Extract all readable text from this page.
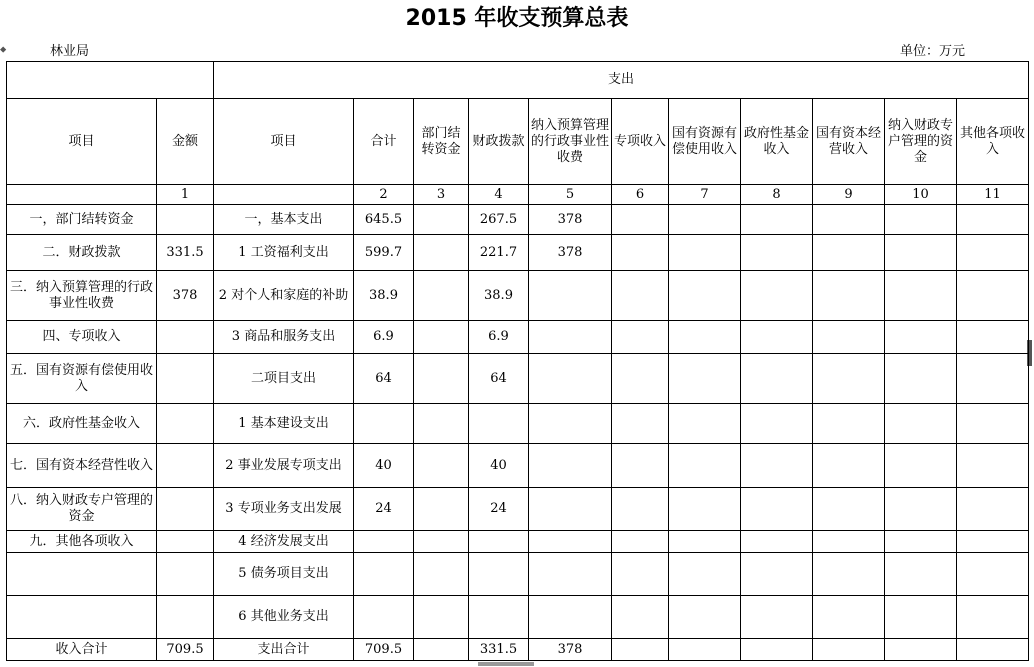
⬥
2015 年收支预算总表
林业局	单位：万元
		支出										
项目	金额	项目	合计	部门结转资金	财政拨款	纳入预算管理的行政事业性收费	专项收入	国有资源有偿使用收入	政府性基金收入	国有资本经营收入	纳入财政专户管理的资金	其他各项收入
	1		2	3	4	5	6	7	8	9	10	11
一，部门结转资金		一，基本支出	645.5		267.5	378						
二．财政拨款	331.5	1 工资福利支出	599.7		221.7	378						
三．纳入预算管理的行政事业性收费	378	2 对个人和家庭的补助	38.9		38.9							
四、专项收入		3 商品和服务支出	6.9		6.9							
五．国有资源有偿使用收入		二项目支出	64		64							
六．政府性基金收入		1 基本建设支出										
七．国有资本经营性收入		2 事业发展专项支出	40		40							
八．纳入财政专户管理的资金		3 专项业务支出发展	24		24							
九．其他各项收入		4 经济发展支出										
		5 债务项目支出										
		6 其他业务支出										
收入合计	709.5	支出合计	709.5		331.5	378						
